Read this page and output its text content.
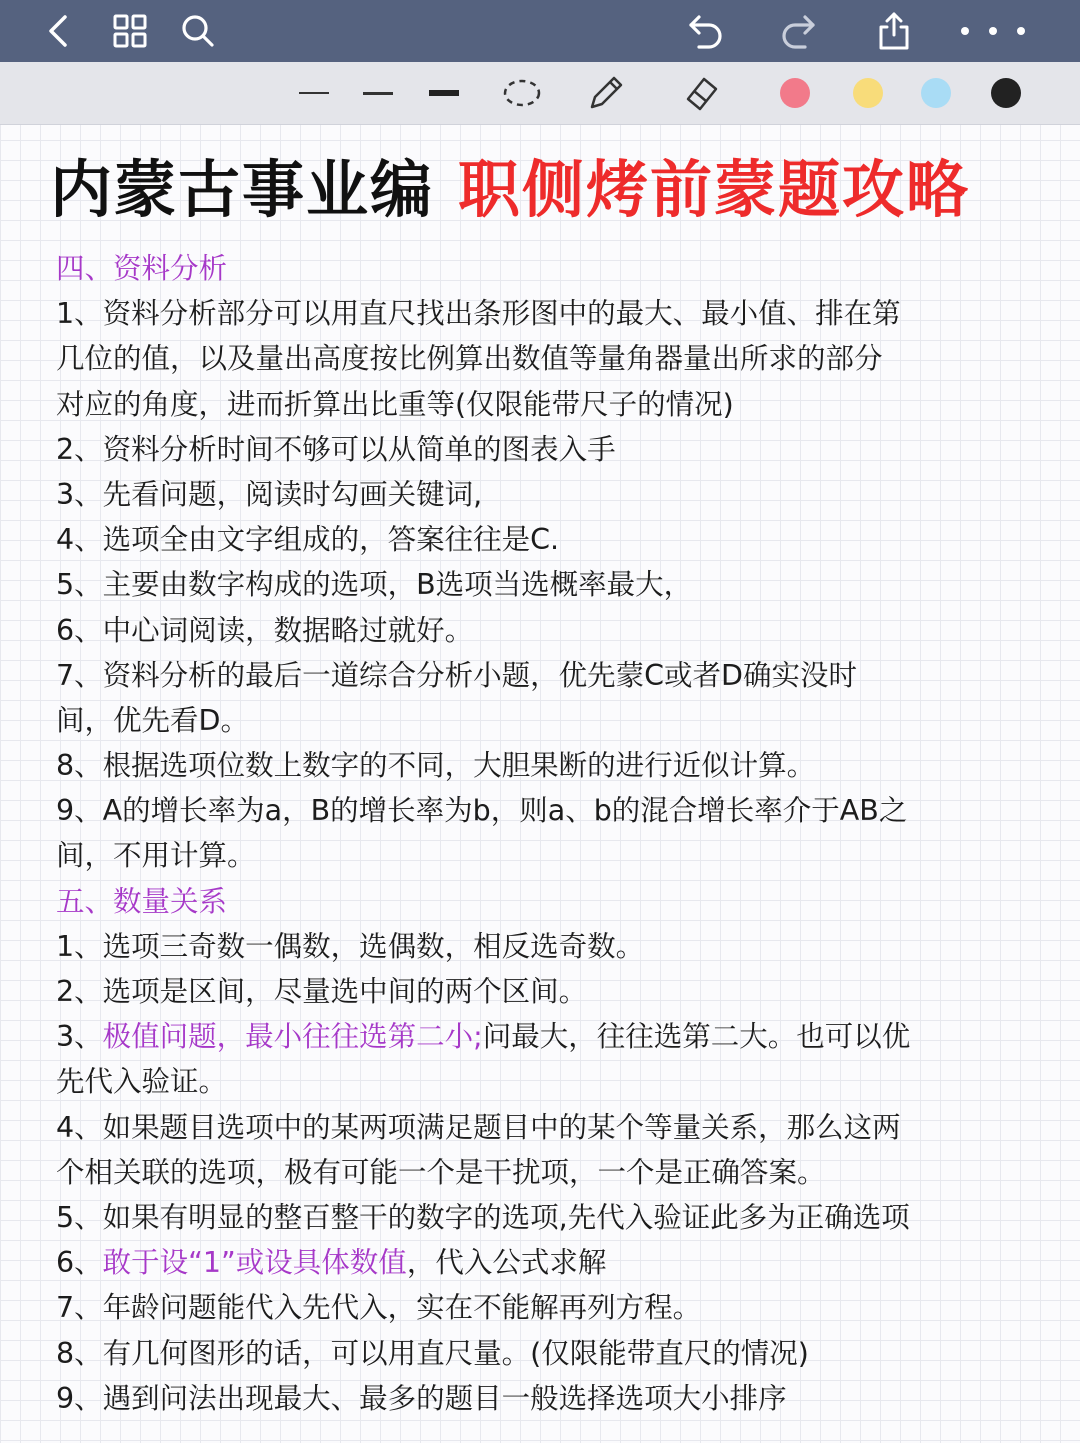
内蒙古事业编 职侧烤前蒙题攻略
四、资料分析
1、资料分析部分可以用直尺找出条形图中的最大、最小值、排在第
几位的值，以及量出高度按比例算出数值等量角器量出所求的部分
对应的角度，进而折算出比重等(仅限能带尺子的情况)
2、资料分析时间不够可以从简单的图表入手
3、先看问题，阅读时勾画关键词,
4、选项全由文字组成的，答案往往是C.
5、主要由数字构成的选项，B选项当选概率最大，
6、中心词阅读，数据略过就好。
7、资料分析的最后一道综合分析小题，优先蒙C或者D确实没时
间，优先看D。
8、根据选项位数上数字的不同，大胆果断的进行近似计算。
9、A的增长率为a，B的增长率为b，则a、b的混合增长率介于AB之
间，不用计算。
五、数量关系
1、选项三奇数一偶数，选偶数，相反选奇数。
2、选项是区间，尽量选中间的两个区间。
3、极值问题，最小往往选第二小;问最大，往往选第二大。也可以优
先代入验证。
4、如果题目选项中的某两项满足题目中的某个等量关系，那么这两
个相关联的选项，极有可能一个是干扰项，一个是正确答案。
5、如果有明显的整百整干的数字的选项,先代入验证此多为正确选项
6、敢于设“1”或设具体数值，代入公式求解
7、年龄问题能代入先代入，实在不能解再列方程。
8、有几何图形的话，可以用直尺量。(仅限能带直尺的情况)
9、遇到问法出现最大、最多的题目一般选择选项大小排序
